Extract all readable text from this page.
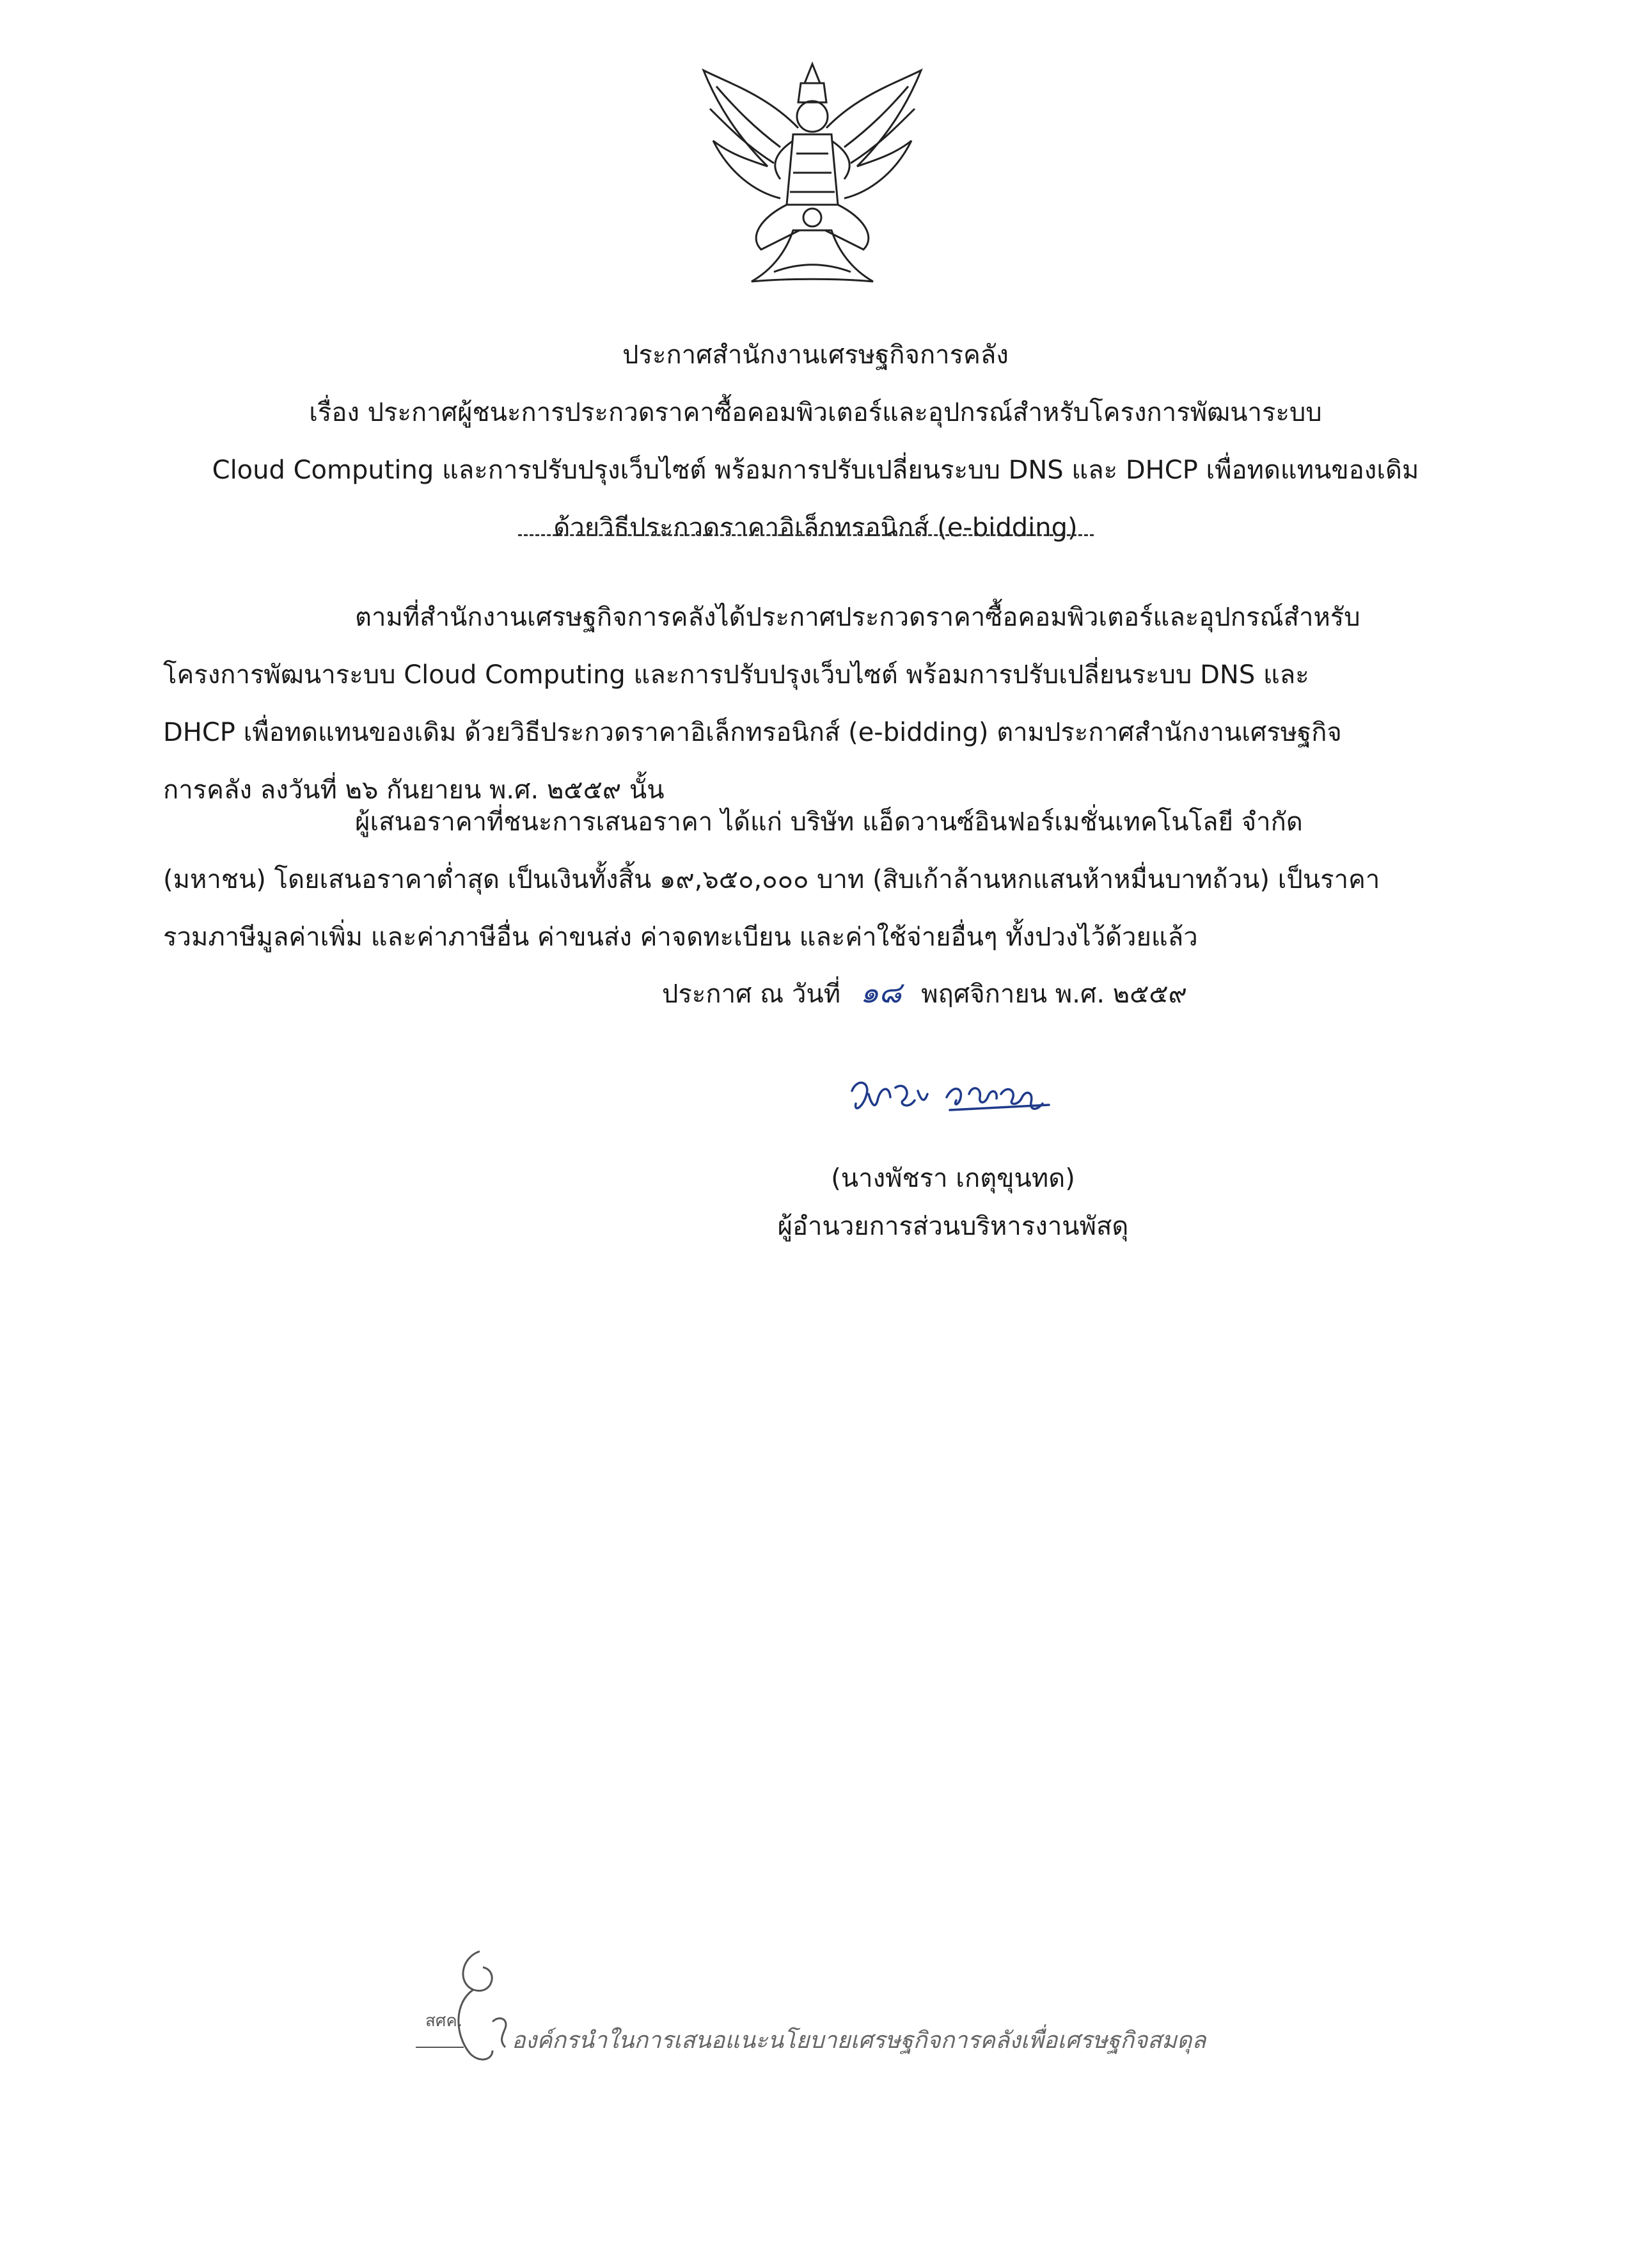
ประกาศสำนักงานเศรษฐกิจการคลัง
เรื่อง ประกาศผู้ชนะการประกวดราคาซื้อคอมพิวเตอร์และอุปกรณ์สำหรับโครงการพัฒนาระบบ
Cloud Computing และการปรับปรุงเว็บไซต์ พร้อมการปรับเปลี่ยนระบบ DNS และ DHCP เพื่อทดแทนของเดิม
ด้วยวิธีประกวดราคาอิเล็กทรอนิกส์ (e-bidding)
ตามที่สำนักงานเศรษฐกิจการคลังได้ประกาศประกวดราคาซื้อคอมพิวเตอร์และอุปกรณ์สำหรับ
โครงการพัฒนาระบบ Cloud Computing และการปรับปรุงเว็บไซต์ พร้อมการปรับเปลี่ยนระบบ DNS และ
DHCP เพื่อทดแทนของเดิม ด้วยวิธีประกวดราคาอิเล็กทรอนิกส์ (e-bidding) ตามประกาศสำนักงานเศรษฐกิจ
การคลัง ลงวันที่ ๒๖ กันยายน พ.ศ. ๒๕๕๙ นั้น
ผู้เสนอราคาที่ชนะการเสนอราคา ได้แก่ บริษัท แอ็ดวานซ์อินฟอร์เมชั่นเทคโนโลยี จำกัด
(มหาชน) โดยเสนอราคาต่ำสุด เป็นเงินทั้งสิ้น ๑๙,๖๕๐,๐๐๐ บาท (สิบเก้าล้านหกแสนห้าหมื่นบาทถ้วน) เป็นราคา
รวมภาษีมูลค่าเพิ่ม และค่าภาษีอื่น ค่าขนส่ง ค่าจดทะเบียน และค่าใช้จ่ายอื่นๆ ทั้งปวงไว้ด้วยแล้ว
ประกาศ ณ วันที่ ๑๘ พฤศจิกายน พ.ศ. ๒๕๕๙
(นางพัชรา เกตุขุนทด)
ผู้อำนวยการส่วนบริหารงานพัสดุ
สศค.
องค์กรนำในการเสนอแนะนโยบายเศรษฐกิจการคลังเพื่อเศรษฐกิจสมดุล
